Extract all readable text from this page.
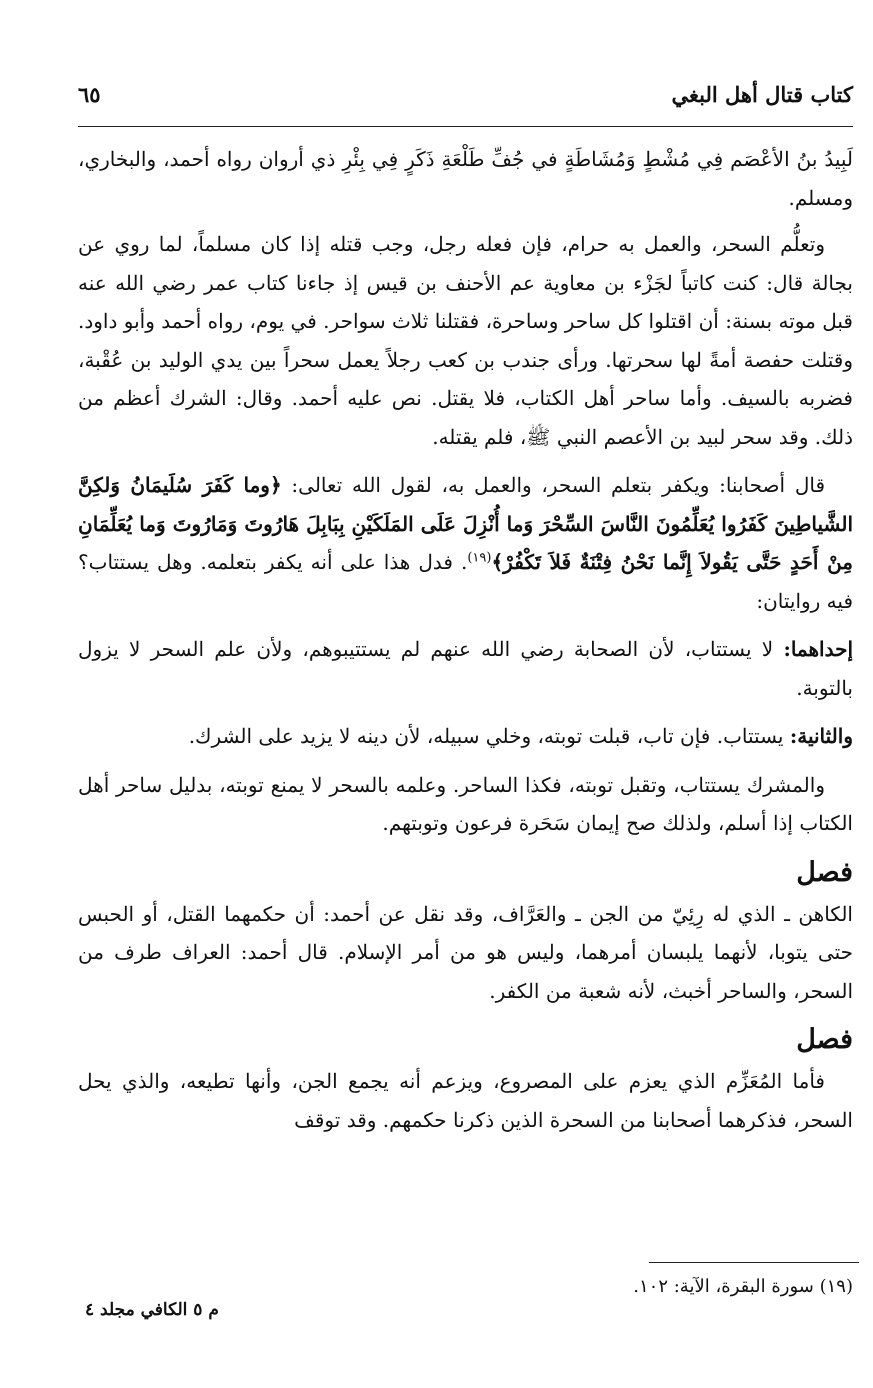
كتاب قتال أهل البغي
٦٥

لَبِيدُ بنُ الأعْصَم فِي مُشْطٍ وَمُشَاطَةٍ في جُفِّ طَلْعَةِ ذَكَرٍ فِي بِئْرِ ذي أروان رواه أحمد، والبخاري، ومسلم.

وتعلُّم السحر، والعمل به حرام، فإن فعله رجل، وجب قتله إذا كان مسلماً، لما روي عن بجالة قال: كنت كاتباً لجَزْء بن معاوية عم الأحنف بن قيس إذ جاءنا كتاب عمر رضي الله عنه قبل موته بسنة: أن اقتلوا كل ساحر وساحرة، فقتلنا ثلاث سواحر. في يوم، رواه أحمد وأبو داود. وقتلت حفصة أمةً لها سحرتها. ورأى جندب بن كعب رجلاً يعمل سحراً بين يدي الوليد بن عُقْبة، فضربه بالسيف. وأما ساحر أهل الكتاب، فلا يقتل. نص عليه أحمد. وقال: الشرك أعظم من ذلك. وقد سحر لبيد بن الأعصم النبي ﷺ، فلم يقتله.

قال أصحابنا: ويكفر بتعلم السحر، والعمل به، لقول الله تعالى: ﴿وما كَفَرَ سُلَيمَانُ وَلكِنَّ الشَّياطِينَ كَفَرُوا يُعَلِّمُونَ النَّاسَ السِّحْرَ وَما أُنْزِلَ عَلَى المَلَكَيْنِ بِبَابِلَ هَارُوتَ وَمَارُوتَ وَما يُعَلِّمَانِ مِنْ أَحَدٍ حَتَّى يَقُولاَ إِنَّما نَحْنُ فِتْنَةٌ فَلاَ تَكْفُرْ﴾$^{(١٩)}$. فدل هذا على أنه يكفر بتعلمه. وهل يستتاب؟ فيه روايتان:

إحداهما: لا يستتاب، لأن الصحابة رضي الله عنهم لم يستتيبوهم، ولأن علم السحر لا يزول بالتوبة.

والثانية: يستتاب. فإن تاب، قبلت توبته، وخلي سبيله، لأن دينه لا يزيد على الشرك.

والمشرك يستتاب، وتقبل توبته، فكذا الساحر. وعلمه بالسحر لا يمنع توبته، بدليل ساحر أهل الكتاب إذا أسلم، ولذلك صح إيمان سَحَرة فرعون وتوبتهم.

فصل

الكاهن ـ الذي له رِئِيّ من الجن ـ والعَرَّاف، وقد نقل عن أحمد: أن حكمهما القتل، أو الحبس حتى يتوبا، لأنهما يلبسان أمرهما، وليس هو من أمر الإسلام. قال أحمد: العراف طرف من السحر، والساحر أخبث، لأنه شعبة من الكفر.

فصل

فأما المُعَزِّم الذي يعزم على المصروع، ويزعم أنه يجمع الجن، وأنها تطيعه، والذي يحل السحر، فذكرهما أصحابنا من السحرة الذين ذكرنا حكمهم. وقد توقف

(١٩) سورة البقرة، الآية: ١٠٢.
م ٥ الكافي مجلد ٤
